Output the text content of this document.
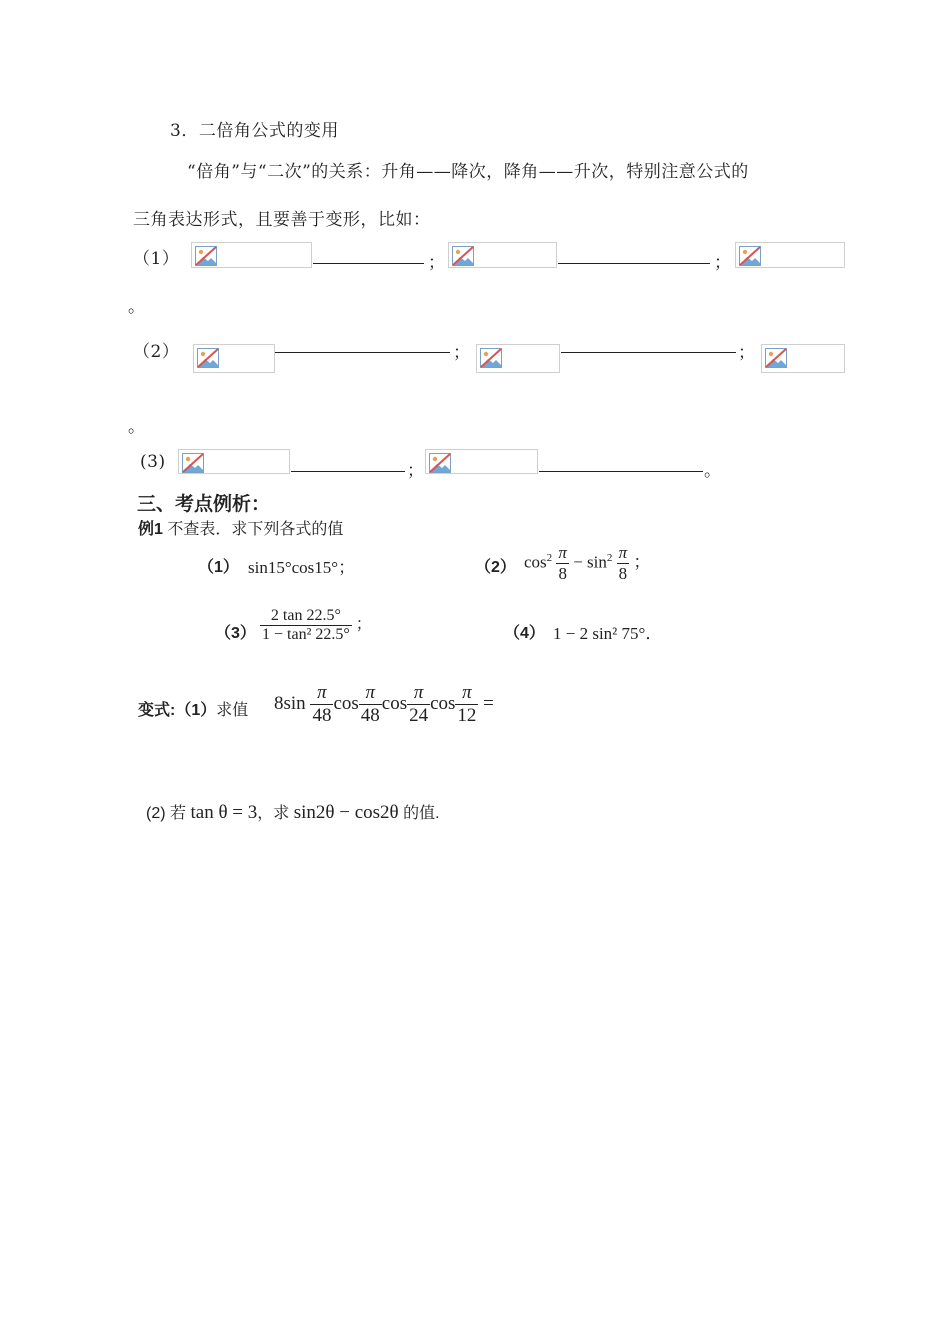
3．二倍角公式的变用
“倍角”与“二次”的关系：升角——降次，降角——升次，特别注意公式的
三角表达形式，且要善于变形，比如：
（1）	；	；
。
（2）	；	；
。
(3)	；	。
三、考点例析：
例1 不查表．求下列各式的值
（1） sin15°cos15°；	（2） $\cos^2 \frac{\pi}{8} - \sin^2 \frac{\pi}{8}$ ；
$(3) \frac{2 \tan 22.5^\circ}{\text{1 − tan² 22.5°}}$ ；
（4） 1 − 2 sin² 75°．
变式:（1）求值 $8\sin \frac{\pi}{48}$ $\cos \frac{\pi}{48}$ $\cos \frac{\pi}{24}$ $\cos \frac{\pi}{12}$ =
(2) 若 tan θ = 3，求 sin2θ − cos2θ 的值.
